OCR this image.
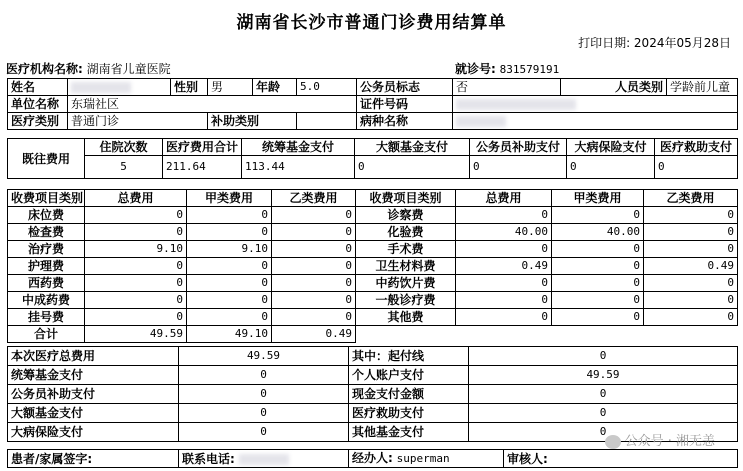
湖南省长沙市普通门诊费用结算单
打印日期: 2024年05月28日
医疗机构名称: 湖南省儿童医院	就诊号: 831579191
姓名		性别	男	年龄	5.0	公务员标志	否	人员类别	学龄前儿童
单位名称	东瑞社区					证件号码			
医疗类别	普通门诊		补助类别			病种名称			
既往费用	住院次数	医疗费用合计	统筹基金支付	大额基金支付	公务员补助支付	大病保险支付	医疗救助支付
	5	211.64	113.44	0	0	0	0
收费项目类别	总费用	甲类费用	乙类费用	收费项目类别	总费用	甲类费用	乙类费用
床位费	0	0	0	诊察费	0	0	0
检查费	0	0	0	化验费	40.00	40.00	0
治疗费	9.10	9.10	0	手术费	0	0	0
护理费	0	0	0	卫生材料费	0.49	0	0.49
西药费	0	0	0	中药饮片费	0	0	0
中成药费	0	0	0	一般诊疗费	0	0	0
挂号费	0	0	0	其他费	0	0	0
合计	49.59	49.10	0.49				
本次医疗总费用	49.59	其中：起付线	0
统筹基金支付	0	个人账户支付	49.59
公务员补助支付	0	现金支付金额	0
大额基金支付	0	医疗救助支付	0
大病保险支付	0	其他基金支付	0
患者/家属签字:	联系电话:	经办人: superman	审核人:
公众号 · 湘无恙
